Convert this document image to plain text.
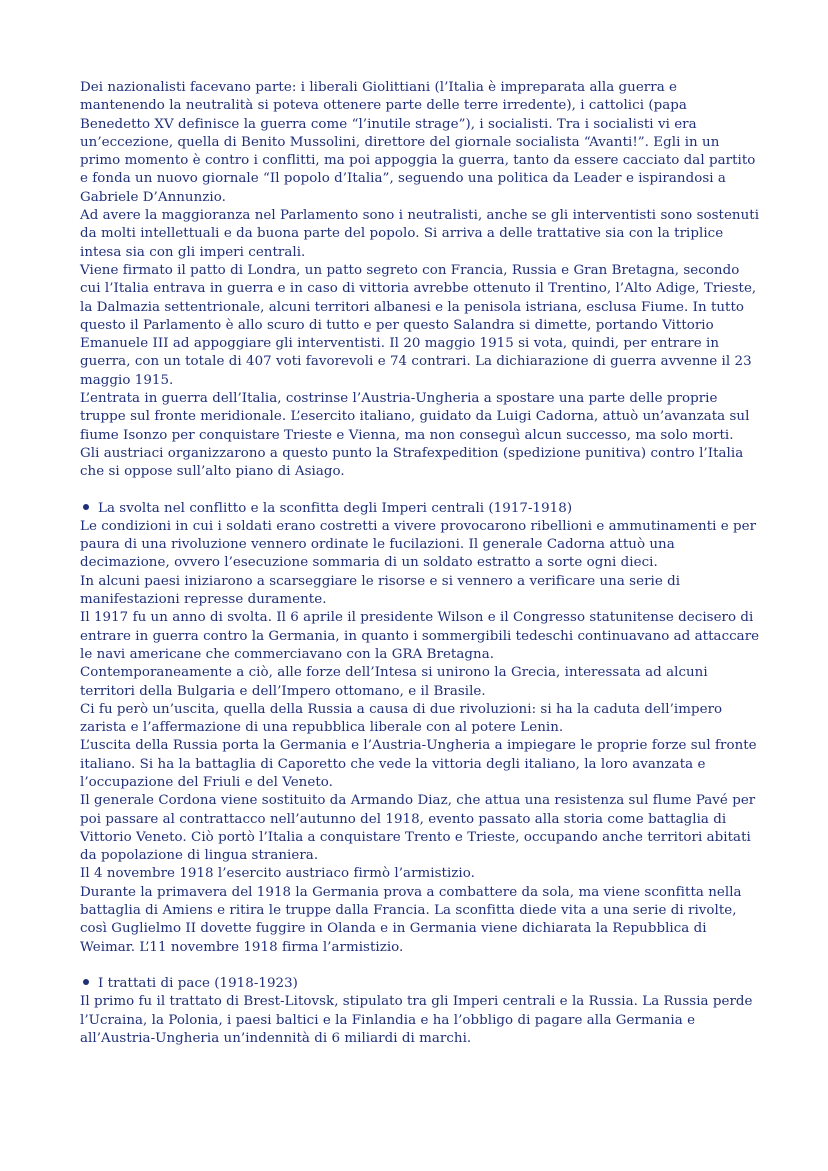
Dei nazionalisti facevano parte: i liberali Giolittiani (l’Italia è impreparata alla guerra e mantenendo la neutralità si poteva ottenere parte delle terre irredente), i cattolici (papa Benedetto XV definisce la guerra come “l’inutile strage”), i socialisti. Tra i socialisti vi era un’eccezione, quella di Benito Mussolini, direttore del giornale socialista “Avanti!”. Egli in un primo momento è contro i conflitti, ma poi appoggia la guerra, tanto da essere cacciato dal partito e fonda un nuovo giornale “Il popolo d’Italia”, seguendo una politica da Leader e ispirandosi a Gabriele D’Annunzio.

Ad avere la maggioranza nel Parlamento sono i neutralisti, anche se gli interventisti sono sostenuti da molti intellettuali e da buona parte del popolo. Si arriva a delle trattative sia con la triplice intesa sia con gli imperi centrali.

Viene firmato il patto di Londra, un patto segreto con Francia, Russia e Gran Bretagna, secondo cui l’Italia entrava in guerra e in caso di vittoria avrebbe ottenuto il Trentino, l’Alto Adige, Trieste, la Dalmazia settentrionale, alcuni territori albanesi e la penisola istriana, esclusa Fiume. In tutto questo il Parlamento è allo scuro di tutto e per questo Salandra si dimette, portando Vittorio Emanuele III ad appoggiare gli interventisti. Il 20 maggio 1915 si vota, quindi, per entrare in guerra, con un totale di 407 voti favorevoli e 74 contrari. La dichiarazione di guerra avvenne il 23 maggio 1915.

L’entrata in guerra dell’Italia, costrinse l’Austria-Ungheria a spostare una parte delle proprie truppe sul fronte meridionale. L’esercito italiano, guidato da Luigi Cadorna, attuò un’avanzata sul fiume Isonzo per conquistare Trieste e Vienna, ma non conseguì alcun successo, ma solo morti.

Gli austriaci organizzarono a questo punto la Strafexpedition (spedizione punitiva) contro l’Italia che si oppose sull’alto piano di Asiago.

La svolta nel conflitto e la sconfitta degli Imperi centrali (1917-1918)

Le condizioni in cui i soldati erano costretti a vivere provocarono ribellioni e ammutinamenti e per paura di una rivoluzione vennero ordinate le fucilazioni. Il generale Cadorna attuò una decimazione, ovvero l’esecuzione sommaria di un soldato estratto a sorte ogni dieci.

In alcuni paesi iniziarono a scarseggiare le risorse e si vennero a verificare una serie di manifestazioni represse duramente.

Il 1917 fu un anno di svolta. Il 6 aprile il presidente Wilson e il Congresso statunitense decisero di entrare in guerra contro la Germania, in quanto i sommergibili tedeschi continuavano ad attaccare le navi americane che commerciavano con la GRA Bretagna.

Contemporaneamente a ciò, alle forze dell’Intesa si unirono la Grecia, interessata ad alcuni territori della Bulgaria e dell’Impero ottomano, e il Brasile.

Ci fu però un’uscita, quella della Russia a causa di due rivoluzioni: si ha la caduta dell’impero zarista e l’affermazione di una repubblica liberale con al potere Lenin.

L’uscita della Russia porta la Germania e l’Austria-Ungheria a impiegare le proprie forze sul fronte italiano. Si ha la battaglia di Caporetto che vede la vittoria degli italiano, la loro avanzata e l’occupazione del Friuli e del Veneto.

Il generale Cordona viene sostituito da Armando Diaz, che attua una resistenza sul flume Pavé per poi passare al contrattacco nell’autunno del 1918, evento passato alla storia come battaglia di Vittorio Veneto. Ciò portò l’Italia a conquistare Trento e Trieste, occupando anche territori abitati da popolazione di lingua straniera.

Il 4 novembre 1918 l’esercito austriaco firmò l’armistizio.

Durante la primavera del 1918 la Germania prova a combattere da sola, ma viene sconfitta nella battaglia di Amiens e ritira le truppe dalla Francia. La sconfitta diede vita a una serie di rivolte, così Guglielmo II dovette fuggire in Olanda e in Germania viene dichiarata la Repubblica di Weimar. L’11 novembre 1918 firma l’armistizio.

I trattati di pace (1918-1923)

Il primo fu il trattato di Brest-Litovsk, stipulato tra gli Imperi centrali e la Russia. La Russia perde l’Ucraina, la Polonia, i paesi baltici e la Finlandia e ha l’obbligo di pagare alla Germania e all’Austria-Ungheria un’indennità di 6 miliardi di marchi.
